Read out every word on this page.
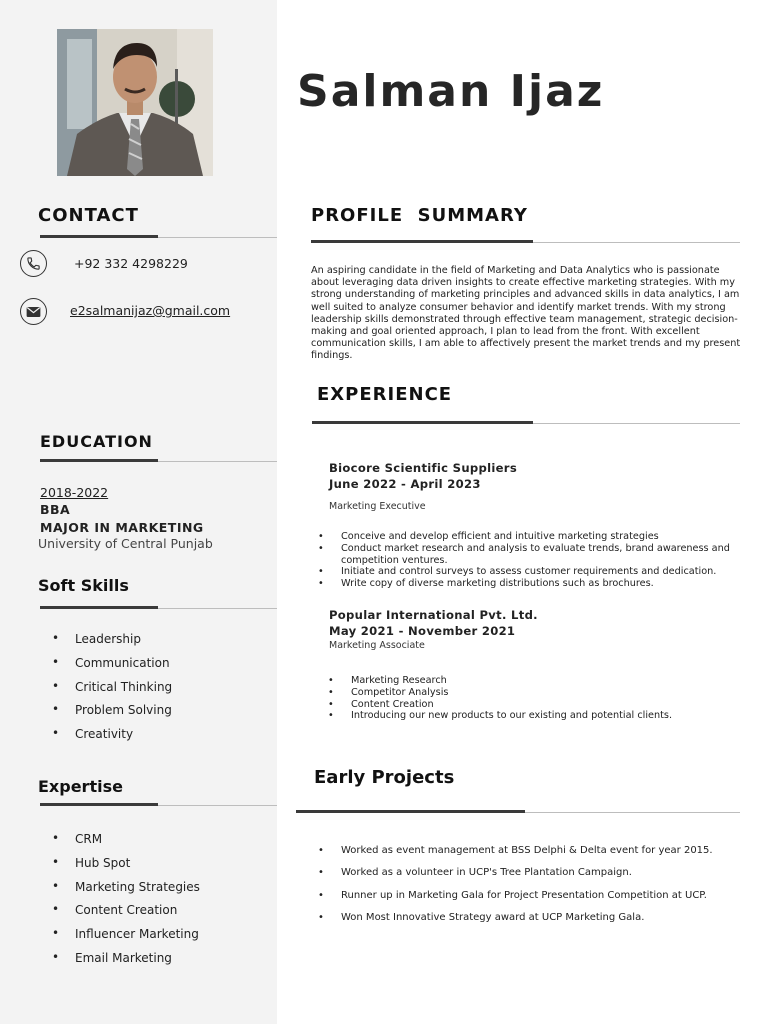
Salman Ijaz
CONTACT
+92 332 4298229
e2salmanijaz@gmail.com
EDUCATION
2018-2022
BBA
MAJOR IN MARKETING
University of Central Punjab
Soft Skills
• Leadership
• Communication
• Critical Thinking
• Problem Solving
• Creativity
Expertise
• CRM
• Hub Spot
• Marketing Strategies
• Content Creation
• Influencer Marketing
• Email Marketing
PROFILE  SUMMARY
An aspiring candidate in the field of Marketing and Data Analytics who is passionate about leveraging data driven insights to create effective marketing strategies. With my strong understanding of marketing principles and advanced skills in data analytics, I am well suited to analyze consumer behavior and identify market trends. With my strong leadership skills demonstrated through effective team management, strategic decision-making and goal oriented approach, I plan to lead from the front. With excellent communication skills, I am able to affectively present the market trends and my present findings.
EXPERIENCE
Biocore Scientific Suppliers
June 2022 - April 2023
Marketing Executive
• Conceive and develop efficient and intuitive marketing strategies
• Conduct market research and analysis to evaluate trends, brand awareness and competition ventures.
• Initiate and control surveys to assess customer requirements and dedication.
• Write copy of diverse marketing distributions such as brochures.
Popular International Pvt. Ltd.
May 2021 - November 2021
Marketing Associate
• Marketing Research
• Competitor Analysis
• Content Creation
• Introducing our new products to our existing and potential clients.
Early Projects
• Worked as event management at BSS Delphi & Delta event for year 2015.
• Worked as a volunteer in UCP's Tree Plantation Campaign.
• Runner up in Marketing Gala for Project Presentation Competition at UCP.
• Won Most Innovative Strategy award at UCP Marketing Gala.
